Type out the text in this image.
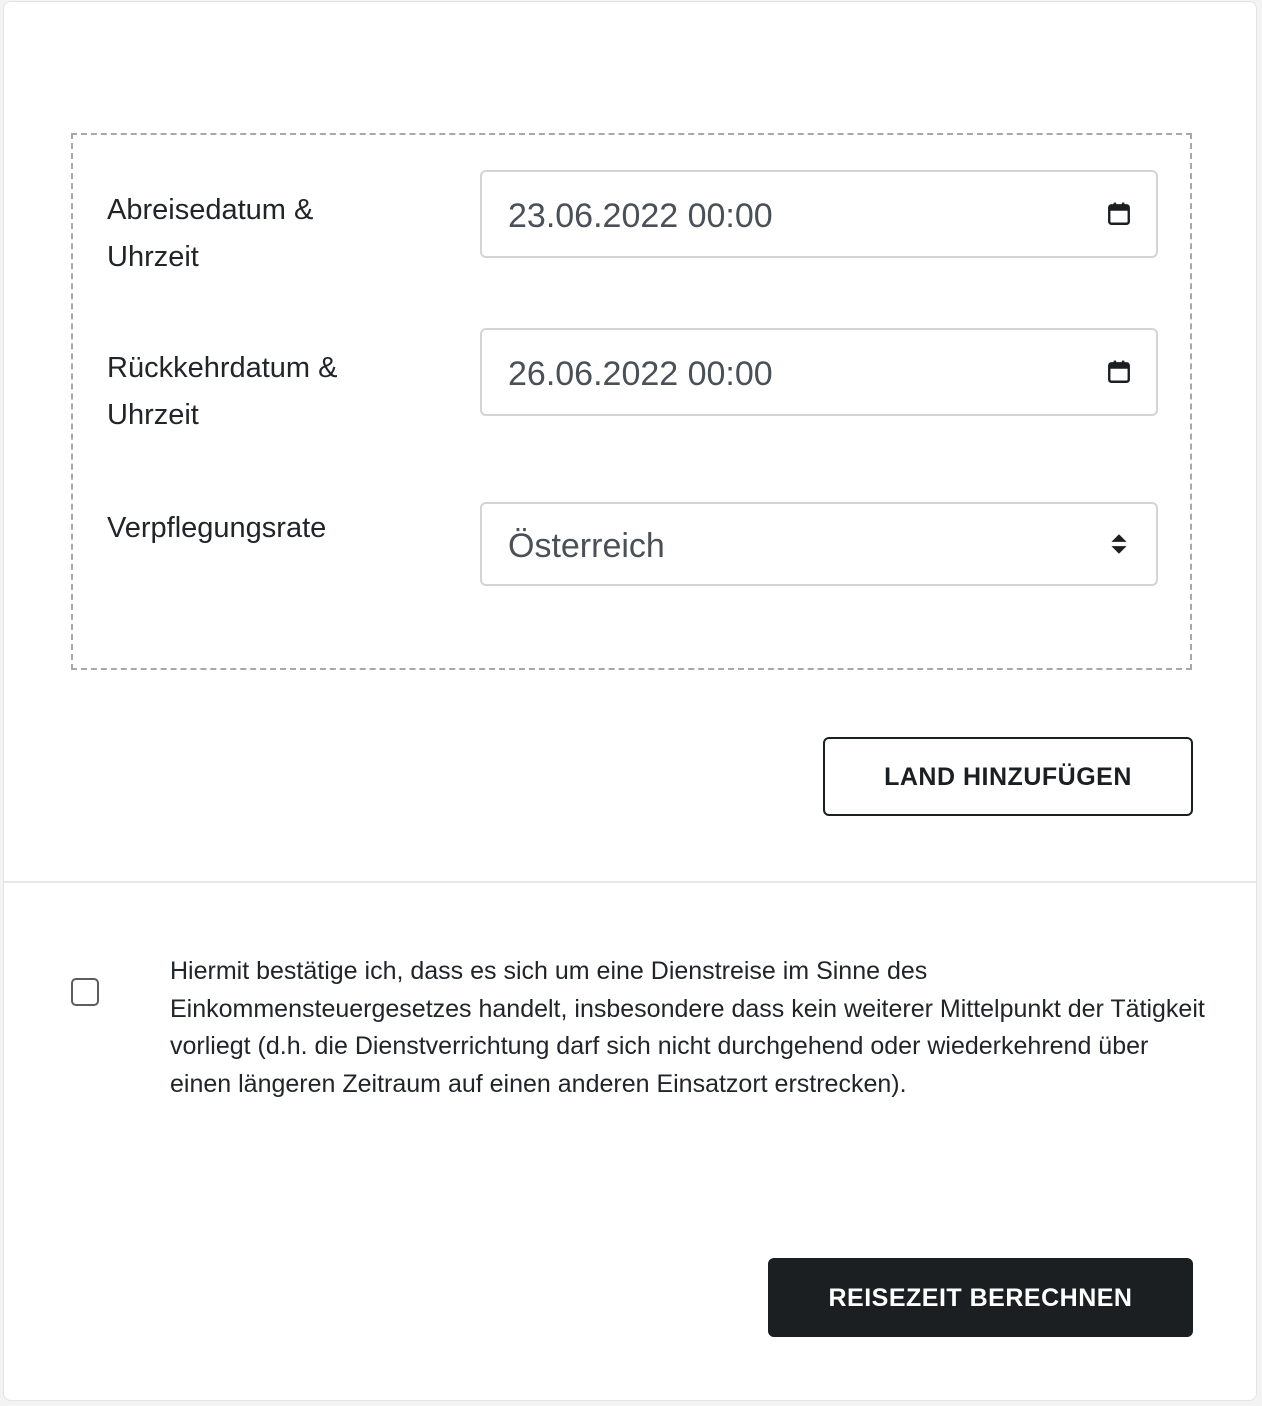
Abreisedatum & Uhrzeit
23.06.2022 00:00
Rückkehrdatum & Uhrzeit
26.06.2022 00:00
Verpflegungsrate	Österreich
LAND HINZUFÜGEN
Hiermit bestätige ich, dass es sich um eine Dienstreise im Sinne des Einkommensteuergesetzes handelt, insbesondere dass kein weiterer Mittelpunkt der Tätigkeit vorliegt (d.h. die Dienstverrichtung darf sich nicht durchgehend oder wiederkehrend über einen längeren Zeitraum auf einen anderen Einsatzort erstrecken).
REISEZEIT BERECHNEN
